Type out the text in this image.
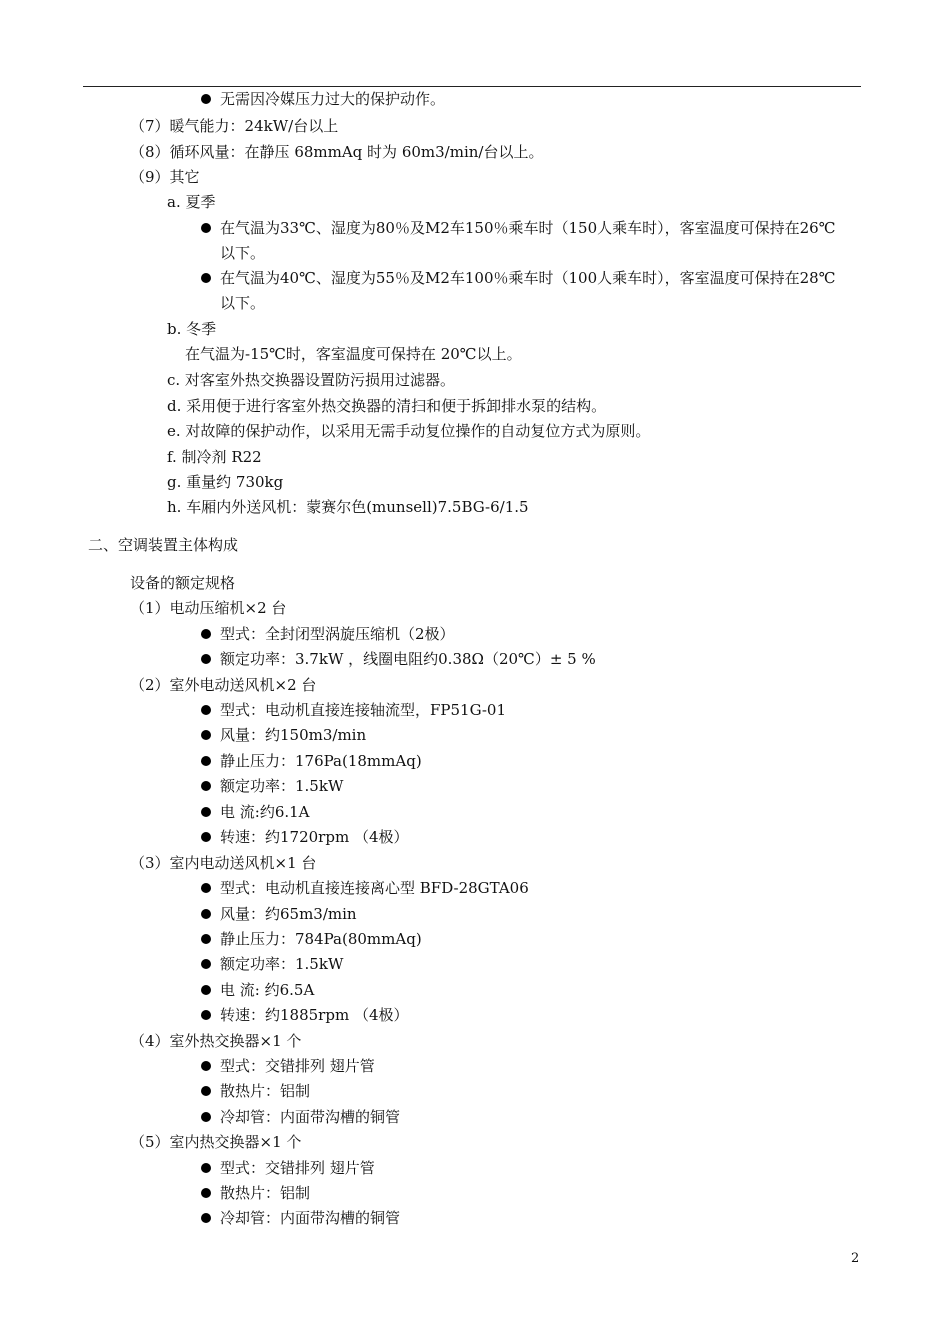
无需因冷媒压力过大的保护动作。
（7）暖气能力：24kW/台以上
（8）循环风量：在静压 68mmAq 时为 60m3/min/台以上。
（9）其它
a. 夏季
在气温为33℃、湿度为80％及M2车150％乘车时（150人乘车时），客室温度可保持在26℃
以下。
在气温为40℃、湿度为55％及M2车100％乘车时（100人乘车时），客室温度可保持在28℃
以下。
b. 冬季
在气温为-15℃时，客室温度可保持在 20℃以上。
c. 对客室外热交换器设置防污损用过滤器。
d. 采用便于进行客室外热交换器的清扫和便于拆卸排水泵的结构。
e. 对故障的保护动作，以采用无需手动复位操作的自动复位方式为原则。
f. 制冷剂 R22
g. 重量约 730kg
h. 车厢内外送风机：蒙赛尔色(munsell)7.5BG-6/1.5
二、空调装置主体构成
设备的额定规格
（1）电动压缩机×2 台
型式：全封闭型涡旋压缩机（2极）
额定功率：3.7kW ，线圈电阻约0.38Ω（20℃）± 5 %
（2）室外电动送风机×2 台
型式：电动机直接连接轴流型，FP51G-01
风量：约150m3/min
静止压力：176Pa(18mmAq)
额定功率：1.5kW
电 流:约6.1A
转速：约1720rpm （4极）
（3）室内电动送风机×1 台
型式：电动机直接连接离心型 BFD-28GTA06
风量：约65m3/min
静止压力：784Pa(80mmAq)
额定功率：1.5kW
电 流: 约6.5A
转速：约1885rpm （4极）
（4）室外热交换器×1 个
型式：交错排列 翅片管
散热片：铝制
冷却管：内面带沟槽的铜管
（5）室内热交换器×1 个
型式：交错排列 翅片管
散热片：铝制
冷却管：内面带沟槽的铜管
2
